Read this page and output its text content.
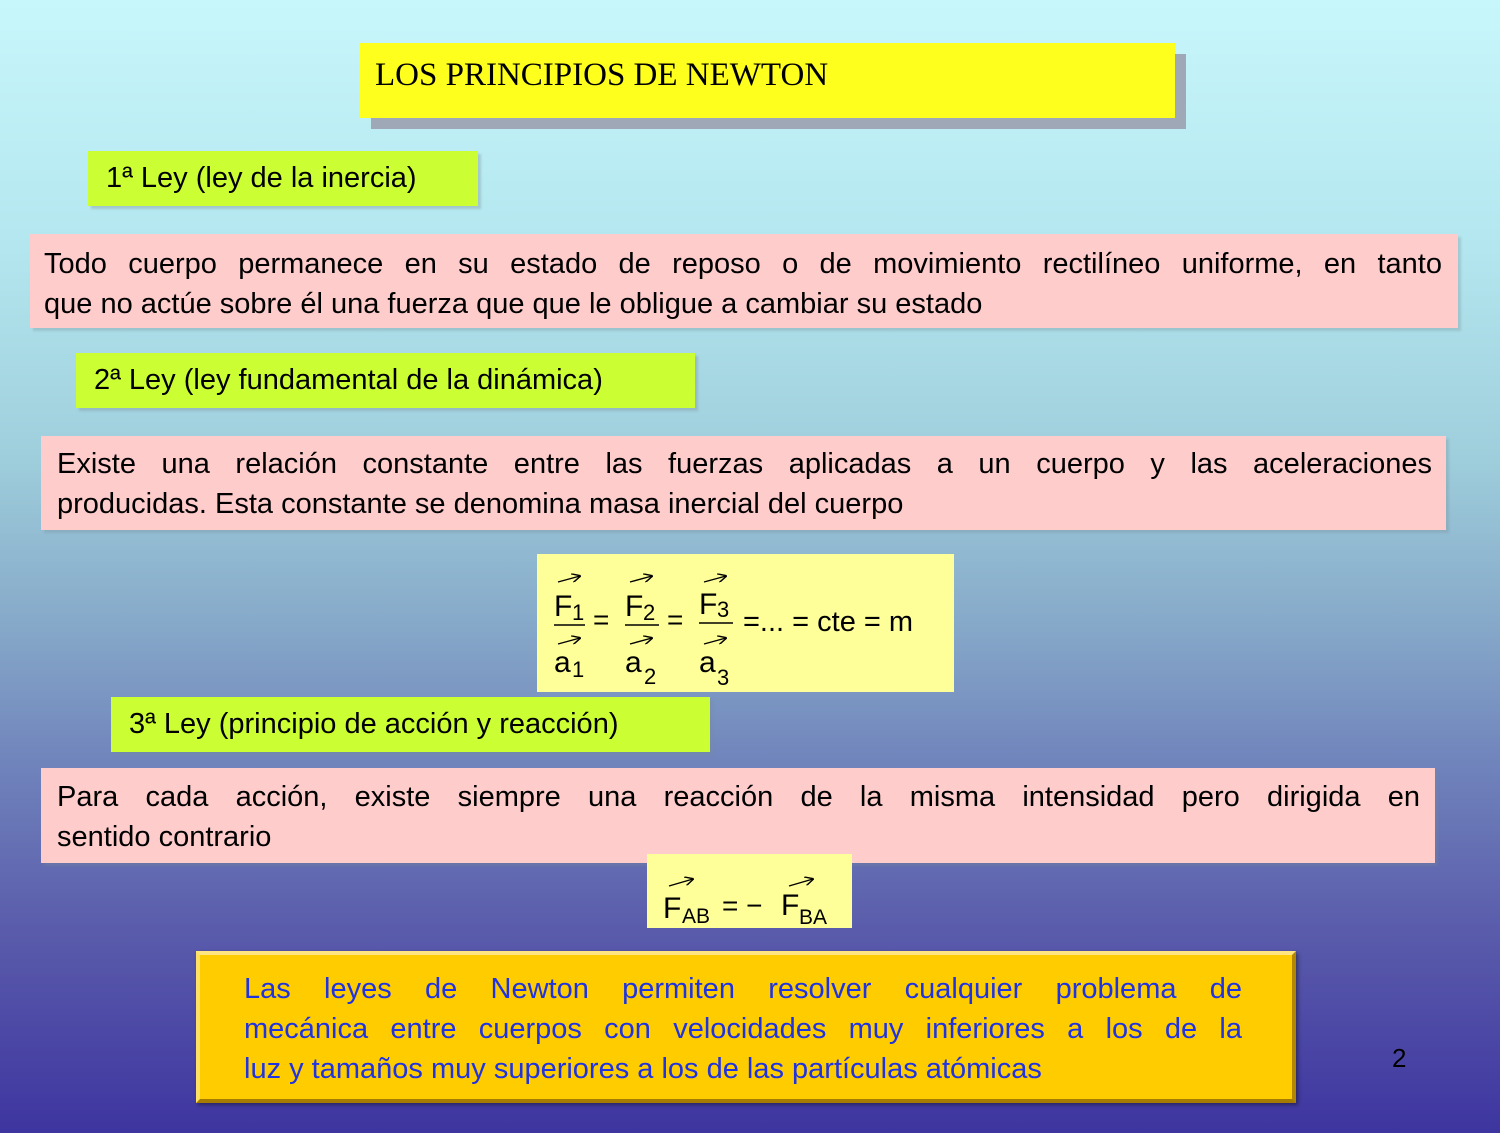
LOS PRINCIPIOS DE NEWTON
1ª Ley (ley de la inercia)

Todo cuerpo permanece en su estado de reposo o de movimiento rectilíneo uniforme, en tanto

que no actúe sobre él una fuerza que que le obligue a cambiar su estado

2ª Ley (ley fundamental de la dinámica)

Existe una relación constante entre las fuerzas aplicadas a un cuerpo y las aceleraciones

producidas. Esta constante se denomina masa inercial del cuerpo

F 1
a 1
= F 2
a 2
= F 3
a 3
=... = cte = m
3ª Ley (principio de acción y reacción)

Para cada acción, existe siempre una reacción de la misma intensidad pero dirigida en

sentido contrario

F AB = − F BA

Las leyes de Newton permiten resolver cualquier problema de

mecánica entre cuerpos con velocidades muy inferiores a los de la

luz y tamaños muy superiores a los de las partículas atómicas	2
